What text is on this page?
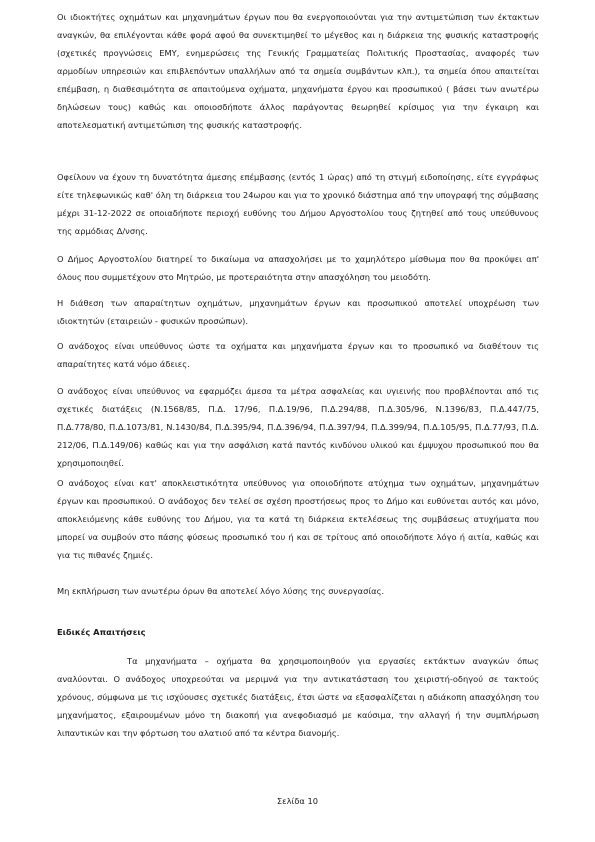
Οι ιδιοκτήτες οχημάτων και μηχανημάτων έργων που θα ενεργοποιούνται για την αντιμετώπιση των έκτακτων αναγκών, θα επιλέγονται κάθε φορά αφού θα συνεκτιμηθεί το μέγεθος και η διάρκεια της φυσικής καταστροφής (σχετικές προγνώσεις ΕΜΥ, ενημερώσεις της Γενικής Γραμματείας Πολιτικής Προστασίας, αναφορές των αρμοδίων υπηρεσιών και επιβλεπόντων υπαλλήλων από τα σημεία συμβάντων κλπ.), τα σημεία όπου απαιτείται επέμβαση, η διαθεσιμότητα σε απαιτούμενα οχήματα, μηχανήματα έργου και προσωπικού ( βάσει των ανωτέρω δηλώσεων τους) καθώς και οποιοσδήποτε άλλος παράγοντας θεωρηθεί κρίσιμος για την έγκαιρη και αποτελεσματική αντιμετώπιση της φυσικής καταστροφής.

Οφείλουν να έχουν τη δυνατότητα άμεσης επέμβασης (εντός 1 ώρας) από τη στιγμή ειδοποίησης, είτε εγγράφως είτε τηλεφωνικώς καθ' όλη τη διάρκεια του 24ωρου και για το χρονικό διάστημα από την υπογραφή της σύμβασης μέχρι 31-12-2022 σε οποιαδήποτε περιοχή ευθύνης του Δήμου Αργοστολίου τους ζητηθεί από τους υπεύθυνους της αρμόδιας Δ/νσης.

Ο Δήμος Αργοστολίου διατηρεί το δικαίωμα να απασχολήσει με το χαμηλότερο μίσθωμα που θα προκύψει απ' όλους που συμμετέχουν στο Μητρώο, με προτεραιότητα στην απασχόληση του μειοδότη.

Η διάθεση των απαραίτητων οχημάτων, μηχανημάτων έργων και προσωπικού αποτελεί υποχρέωση των ιδιοκτητών (εταιρειών - φυσικών προσώπων).

Ο ανάδοχος είναι υπεύθυνος ώστε τα οχήματα και μηχανήματα έργων και το προσωπικό να διαθέτουν τις απαραίτητες κατά νόμο άδειες.

Ο ανάδοχος είναι υπεύθυνος να εφαρμόζει άμεσα τα μέτρα ασφαλείας και υγιεινής που προβλέπονται από τις σχετικές διατάξεις (Ν.1568/85, Π.Δ. 17/96, Π.Δ.19/96, Π.Δ.294/88, Π.Δ.305/96, Ν.1396/83, Π.Δ.447/75, Π.Δ.778/80, Π.Δ.1073/81, Ν.1430/84, Π.Δ.395/94, Π.Δ.396/94, Π.Δ.397/94, Π.Δ.399/94, Π.Δ.105/95, Π.Δ.77/93, Π.Δ. 212/06, Π.Δ.149/06) καθώς και για την ασφάλιση κατά παντός κινδύνου υλικού και έμψυχου προσωπικού που θα χρησιμοποιηθεί.

Ο ανάδοχος είναι κατ' αποκλειστικότητα υπεύθυνος για οποιοδήποτε ατύχημα των οχημάτων, μηχανημάτων έργων και προσωπικού. Ο ανάδοχος δεν τελεί σε σχέση προστήσεως προς το Δήμο και ευθύνεται αυτός και μόνο, αποκλειόμενης κάθε ευθύνης του Δήμου, για τα κατά τη διάρκεια εκτελέσεως της συμβάσεως ατυχήματα που μπορεί να συμβούν στο πάσης φύσεως προσωπικό του ή και σε τρίτους από οποιοδήποτε λόγο ή αιτία, καθώς και για τις πιθανές ζημιές.

Μη εκπλήρωση των ανωτέρω όρων θα αποτελεί λόγο λύσης της συνεργασίας.

Ειδικές Απαιτήσεις

Τα μηχανήματα – οχήματα θα χρησιμοποιηθούν για εργασίες εκτάκτων αναγκών όπως αναλύονται. Ο ανάδοχος υποχρεούται να μεριμνά για την αντικατάσταση του χειριστή-οδηγού σε τακτούς χρόνους, σύμφωνα με τις ισχύουσες σχετικές διατάξεις, έτσι ώστε να εξασφαλίζεται η αδιάκοπη απασχόληση του μηχανήματος, εξαιρουμένων μόνο τη διακοπή για ανεφοδιασμό με καύσιμα, την αλλαγή ή την συμπλήρωση λιπαντικών και την φόρτωση του αλατιού από τα κέντρα διανομής.

Σελίδα 10
